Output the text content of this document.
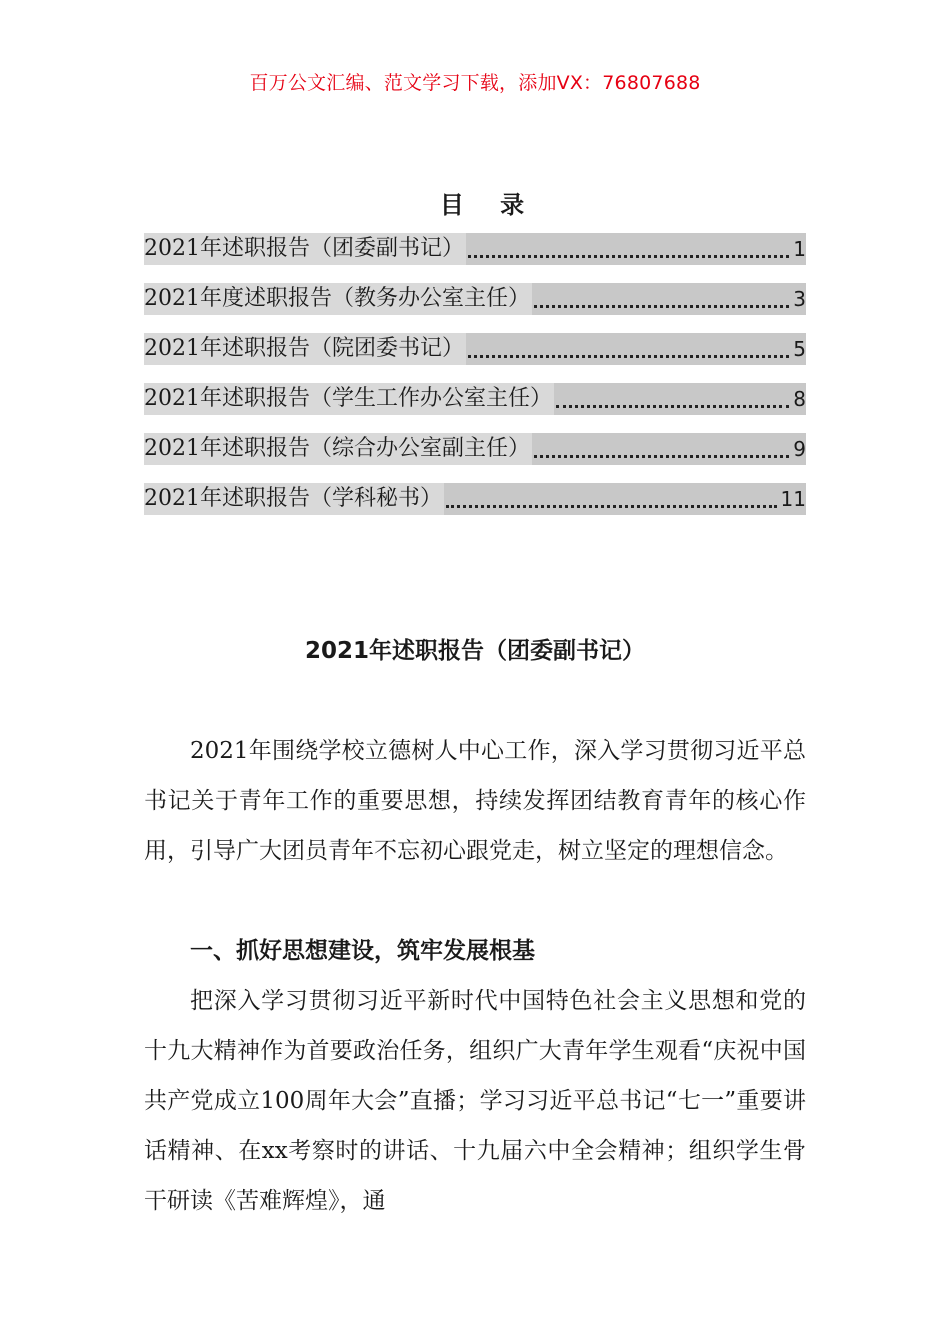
百万公文汇编、范文学习下载，添加VX：76807688
目 录
2021年述职报告（团委副书记）	1
2021年度述职报告（教务办公室主任）	3
2021年述职报告（院团委书记）	5
2021年述职报告（学生工作办公室主任）	8
2021年述职报告（综合办公室副主任）	9
2021年述职报告（学科秘书）	11
2021年述职报告（团委副书记）

2021年围绕学校立德树人中心工作，深入学习贯彻习近平总书记关于青年工作的重要思想，持续发挥团结教育青年的核心作用，引导广大团员青年不忘初心跟党走，树立坚定的理想信念。

一、抓好思想建设，筑牢发展根基

把深入学习贯彻习近平新时代中国特色社会主义思想和党的十九大精神作为首要政治任务，组织广大青年学生观看“庆祝中国共产党成立100周年大会”直播；学习习近平总书记“七一”重要讲话精神、在xx考察时的讲话、十九届六中全会精神；组织学生骨干研读《苦难辉煌》，通
